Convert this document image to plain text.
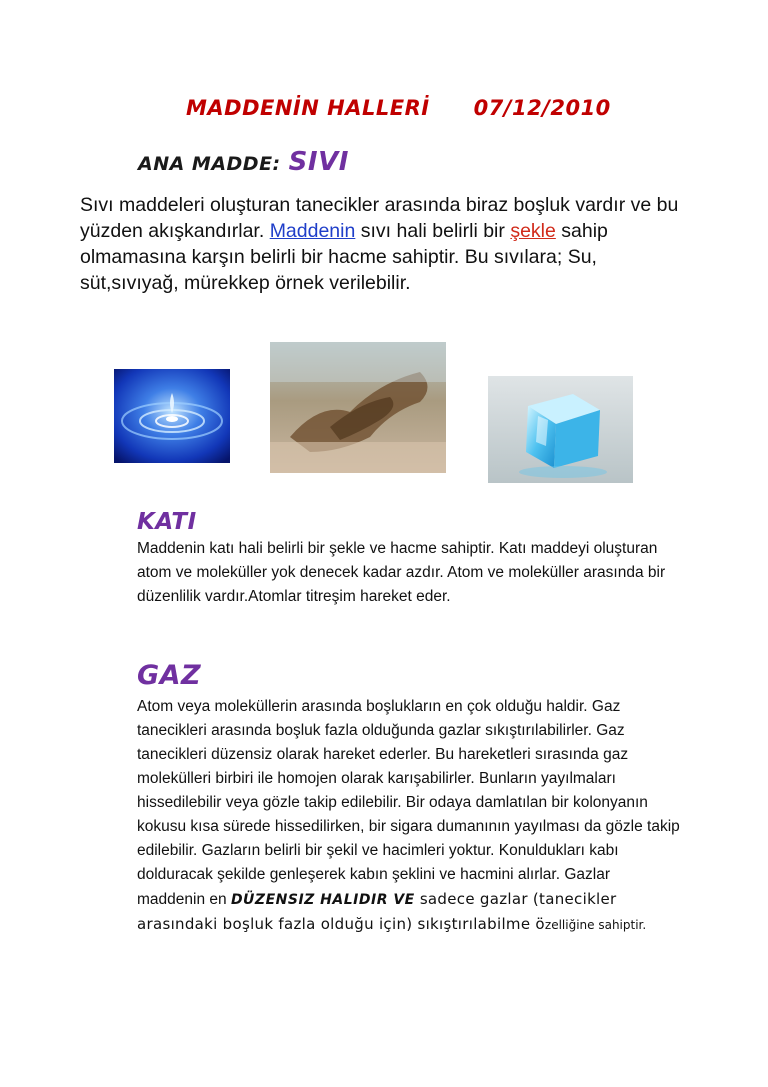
MADDENİN HALLERİ 07/12/2010
ANA MADDE: SIVI
Sıvı maddeleri oluşturan tanecikler arasında biraz boşluk vardır ve bu yüzden akışkandırlar. Maddenin sıvı hali belirli bir şekle sahip olmamasına karşın belirli bir hacme sahiptir. Bu sıvılara; Su, süt,sıvıyağ, mürekkep örnek verilebilir.
KATI
Maddenin katı hali belirli bir şekle ve hacme sahiptir. Katı maddeyi oluşturan atom ve moleküller yok denecek kadar azdır. Atom ve moleküller arasında bir düzenlilik vardır.Atomlar titreşim hareket eder.
GAZ
Atom veya moleküllerin arasında boşlukların en çok olduğu haldir. Gaz tanecikleri arasında boşluk fazla olduğunda gazlar sıkıştırılabilirler. Gaz tanecikleri düzensiz olarak hareket ederler. Bu hareketleri sırasında gaz molekülleri birbiri ile homojen olarak karışabilirler. Bunların yayılmaları hissedilebilir veya gözle takip edilebilir. Bir odaya damlatılan bir kolonyanın kokusu kısa sürede hissedilirken, bir sigara dumanının yayılması da gözle takip edilebilir. Gazların belirli bir şekil ve hacimleri yoktur. Konuldukları kabı dolduracak şekilde genleşerek kabın şeklini ve hacmini alırlar. Gazlar maddenin en DÜZENSIZ HALIDIR VE sadece gazlar (tanecikler arasındaki boşluk fazla olduğu için) sıkıştırılabilme özelliğine sahiptir.
